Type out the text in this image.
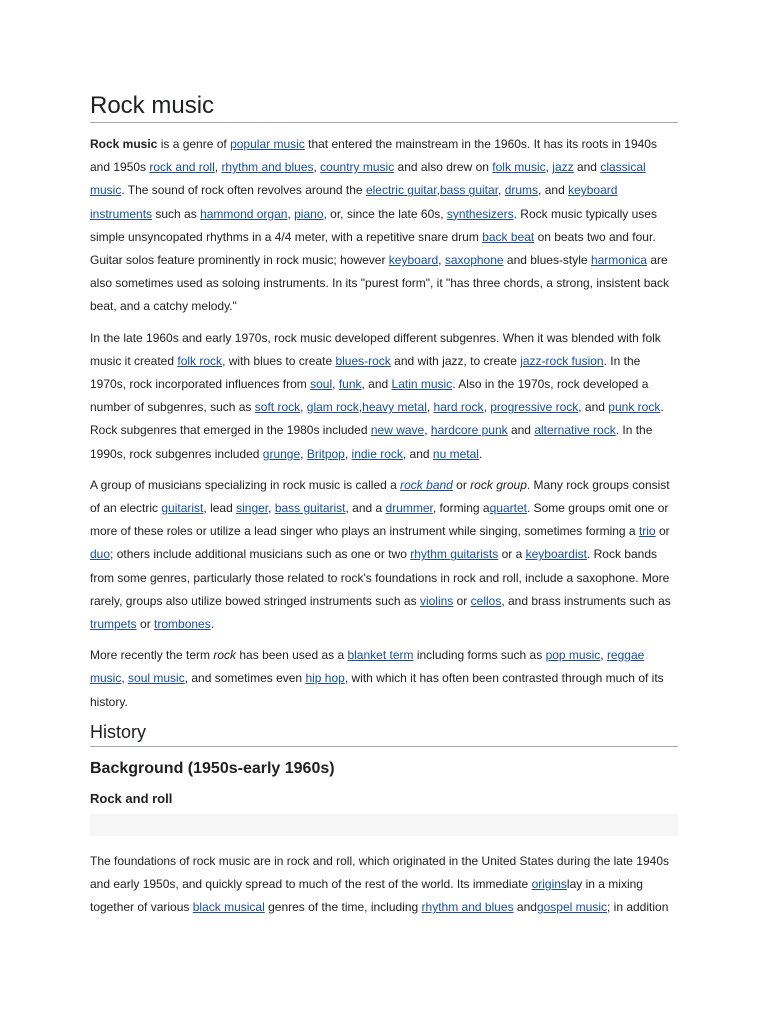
Rock music

Rock music is a genre of popular music that entered the mainstream in the 1960s. It has its roots in 1940s and 1950s rock and roll, rhythm and blues, country music and also drew on folk music, jazz and classical music. The sound of rock often revolves around the electric guitar,bass guitar, drums, and keyboard instruments such as hammond organ, piano, or, since the late 60s, synthesizers. Rock music typically uses simple unsyncopated rhythms in a 4/4 meter, with a repetitive snare drum back beat on beats two and four. Guitar solos feature prominently in rock music; however keyboard, saxophone and blues-style harmonica are also sometimes used as soloing instruments. In its "purest form", it "has three chords, a strong, insistent back beat, and a catchy melody."

In the late 1960s and early 1970s, rock music developed different subgenres. When it was blended with folk music it created folk rock, with blues to create blues-rock and with jazz, to create jazz-rock fusion. In the 1970s, rock incorporated influences from soul, funk, and Latin music. Also in the 1970s, rock developed a number of subgenres, such as soft rock, glam rock,heavy metal, hard rock, progressive rock, and punk rock. Rock subgenres that emerged in the 1980s included new wave, hardcore punk and alternative rock. In the 1990s, rock subgenres included grunge, Britpop, indie rock, and nu metal.

A group of musicians specializing in rock music is called a rock band or rock group. Many rock groups consist of an electric guitarist, lead singer, bass guitarist, and a drummer, forming aquartet. Some groups omit one or more of these roles or utilize a lead singer who plays an instrument while singing, sometimes forming a trio or duo; others include additional musicians such as one or two rhythm guitarists or a keyboardist. Rock bands from some genres, particularly those related to rock's foundations in rock and roll, include a saxophone. More rarely, groups also utilize bowed stringed instruments such as violins or cellos, and brass instruments such as trumpets or trombones.

More recently the term rock has been used as a blanket term including forms such as pop music, reggae music, soul music, and sometimes even hip hop, with which it has often been contrasted through much of its history.

History
Background (1950s-early 1960s)
Rock and roll

The foundations of rock music are in rock and roll, which originated in the United States during the late 1940s and early 1950s, and quickly spread to much of the rest of the world. Its immediate originslay in a mixing together of various black musical genres of the time, including rhythm and blues andgospel music; in addition
